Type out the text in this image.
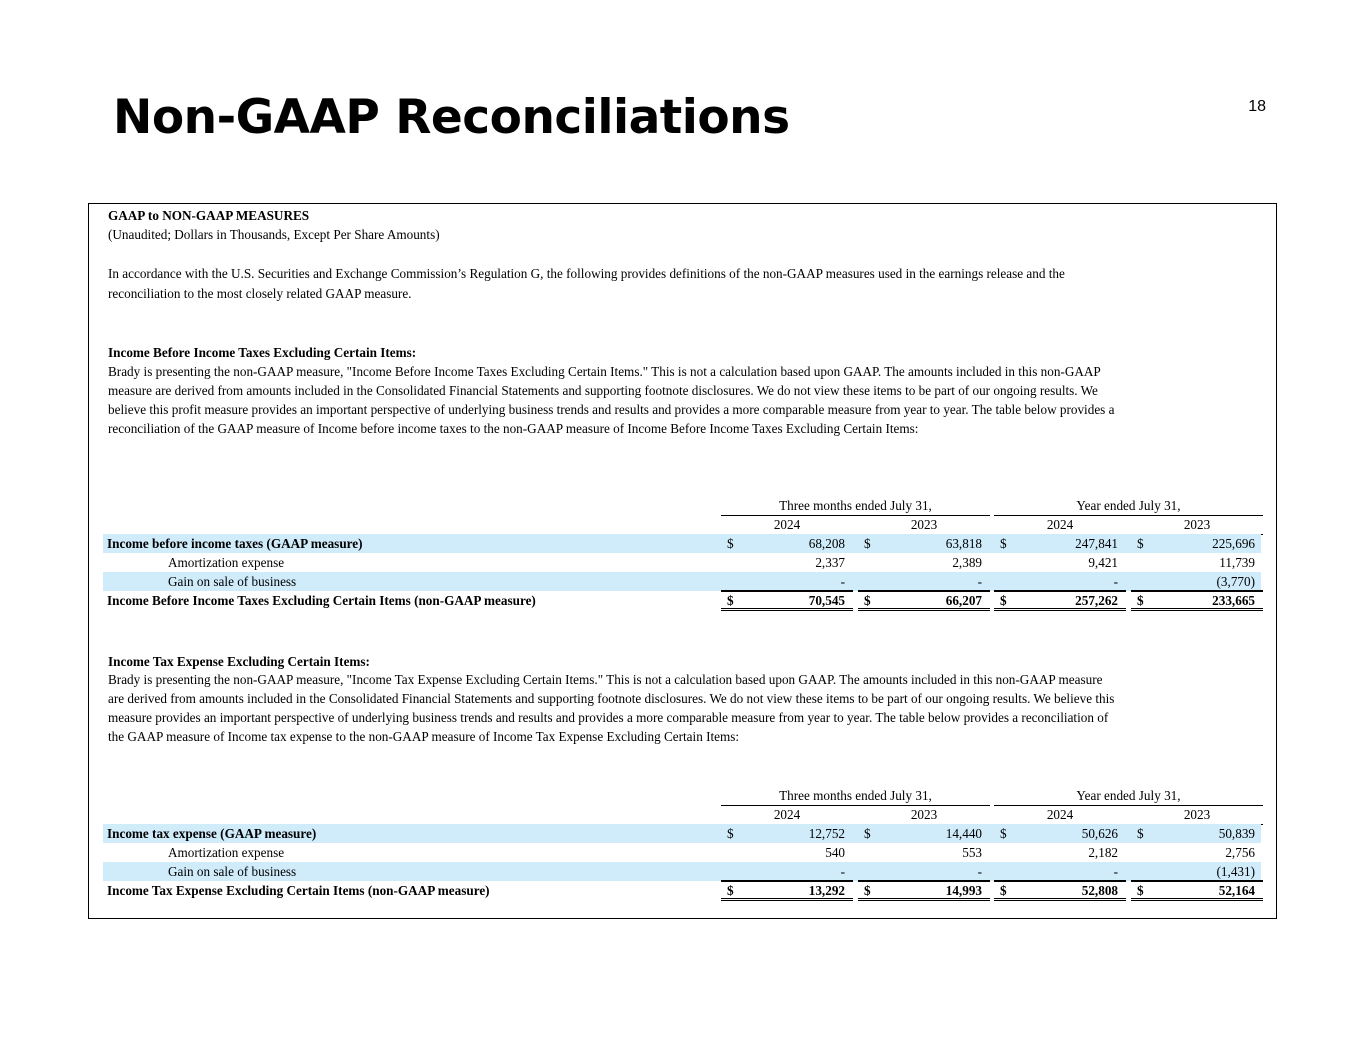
Non-GAAP Reconciliations	18
GAAP to NON-GAAP MEASURES
(Unaudited; Dollars in Thousands, Except Per Share Amounts)
In accordance with the U.S. Securities and Exchange Commission’s Regulation G, the following provides definitions of the non-GAAP measures used in the earnings release and the
reconciliation to the most closely related GAAP measure.
Income Before Income Taxes Excluding Certain Items:
Brady is presenting the non-GAAP measure, "Income Before Income Taxes Excluding Certain Items." This is not a calculation based upon GAAP. The amounts included in this non-GAAP
measure are derived from amounts included in the Consolidated Financial Statements and supporting footnote disclosures. We do not view these items to be part of our ongoing results. We
believe this profit measure provides an important perspective of underlying business trends and results and provides a more comparable measure from year to year. The table below provides a
reconciliation of the GAAP measure of Income before income taxes to the non-GAAP measure of Income Before Income Taxes Excluding Certain Items:
Three months ended July 31,	Year ended July 31,
2024	2023	2024	2023
Income before income taxes (GAAP measure)	$	68,208 $	63,818 $	247,841 $	225,696
Amortization expense	2,337	2,389	9,421	11,739
Gain on sale of business	-	-	-	(3,770)
Income Before Income Taxes Excluding Certain Items (non-GAAP measure)	$	70,545 $	66,207 $	257,262 $	233,665
Income Tax Expense Excluding Certain Items:
Brady is presenting the non-GAAP measure, "Income Tax Expense Excluding Certain Items." This is not a calculation based upon GAAP. The amounts included in this non-GAAP measure
are derived from amounts included in the Consolidated Financial Statements and supporting footnote disclosures. We do not view these items to be part of our ongoing results. We believe this
measure provides an important perspective of underlying business trends and results and provides a more comparable measure from year to year. The table below provides a reconciliation of
the GAAP measure of Income tax expense to the non-GAAP measure of Income Tax Expense Excluding Certain Items:
Three months ended July 31,	Year ended July 31,
2024	2023	2024	2023
Income tax expense (GAAP measure)	$	12,752 $	14,440 $	50,626 $	50,839
Amortization expense	540	553	2,182	2,756
Gain on sale of business	-	-	-	(1,431)
Income Tax Expense Excluding Certain Items (non-GAAP measure)	$	13,292 $	14,993 $	52,808 $	52,164
